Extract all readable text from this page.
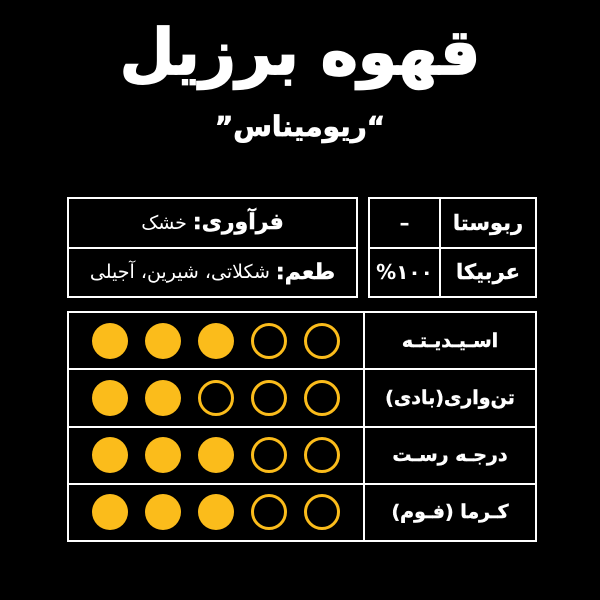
قهوه برزیل
“ریومیناس”
ربوستا
–
عربیکا
%۱۰۰
فرآوری:
خشک
طعم:
شکلاتی، شیرین، آجیلی
اسـیـدیـتـه
تن‌واری(بادی)
درجـه رسـت
کـرما (فـوم)
